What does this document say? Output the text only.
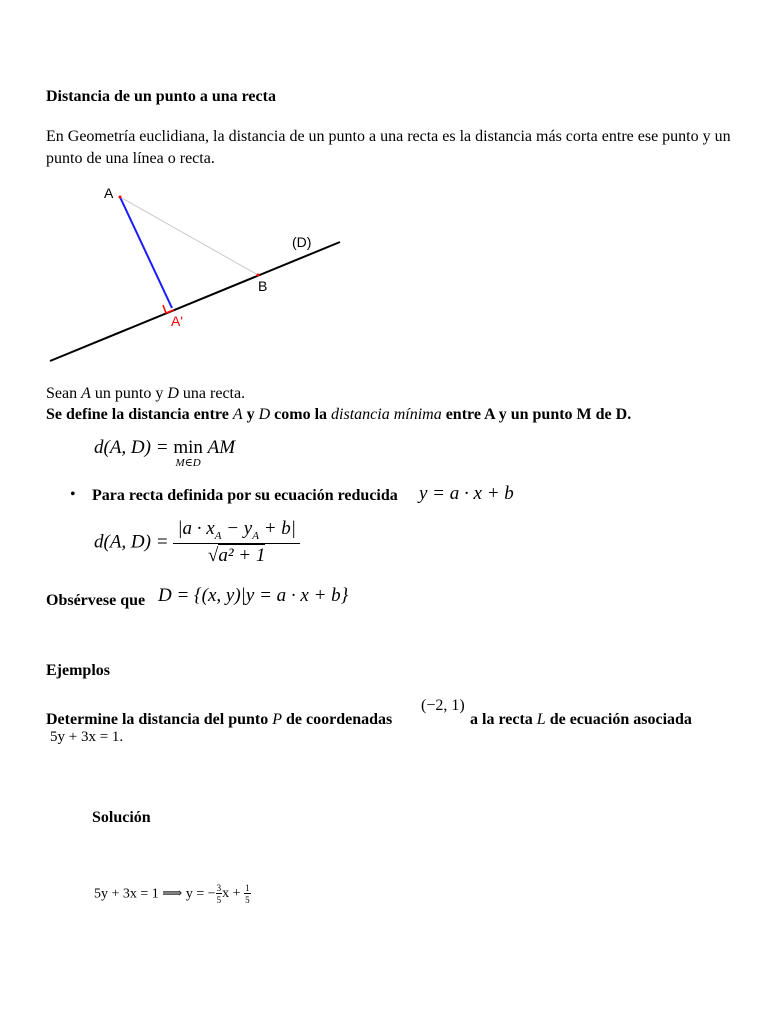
Distancia de un punto a una recta
En Geometría euclidiana, la distancia de un punto a una recta es la distancia más corta entre ese punto y un punto de una línea o recta.
A
(D)
B
A'
Sean A un punto y D una recta.
Se define la distancia entre A y D como la distancia mínima entre A y un punto M de D.
d(A, D) = min
M∈D
AM
• Para recta definida por su ecuación reducida y = a · x + b
d(A, $D) = \frac{|a \cdot x_A - y_A + b|}{\text{√a² + 1}}$
Obsérvese que D = {(x, y)|y = a · x + b}
Ejemplos
Determine la distancia del punto P de coordenadas
(−2, 1)
a la recta L de ecuación asociada
5y + 3x = 1.
Solución
5y + 3x = 1 ⟹ y = − $\frac{3}{5}$ $x + \frac{1}{5}$
